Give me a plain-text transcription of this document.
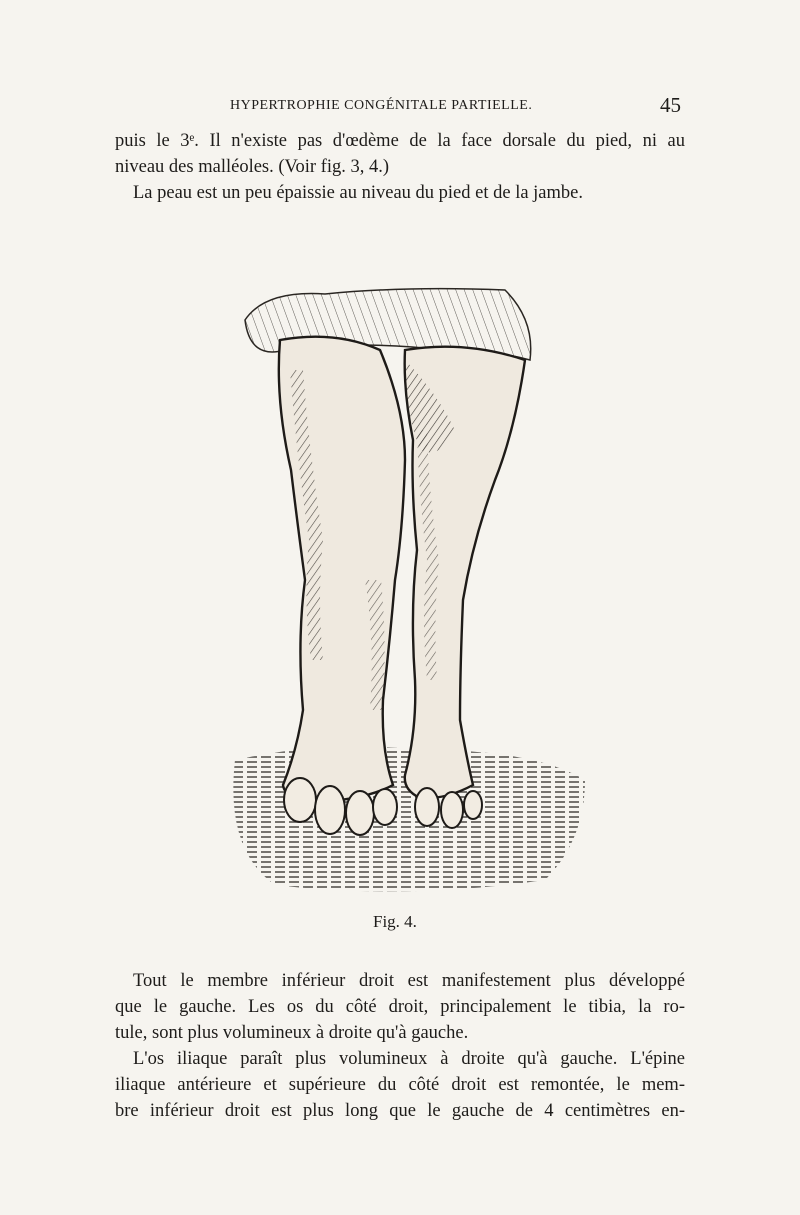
HYPERTROPHIE CONGÉNITALE PARTIELLE.	45
puis le 3ᵉ. Il n'existe pas d'œdème de la face dorsale du pied, ni au
niveau des malléoles. (Voir fig. 3, 4.)
La peau est un peu épaissie au niveau du pied et de la jambe.
Fig. 4.
Tout le membre inférieur droit est manifestement plus développé
que le gauche. Les os du côté droit, principalement le tibia, la ro-
tule, sont plus volumineux à droite qu'à gauche.
L'os iliaque paraît plus volumineux à droite qu'à gauche. L'épine
iliaque antérieure et supérieure du côté droit est remontée, le mem-
bre inférieur droit est plus long que le gauche de 4 centimètres en-
